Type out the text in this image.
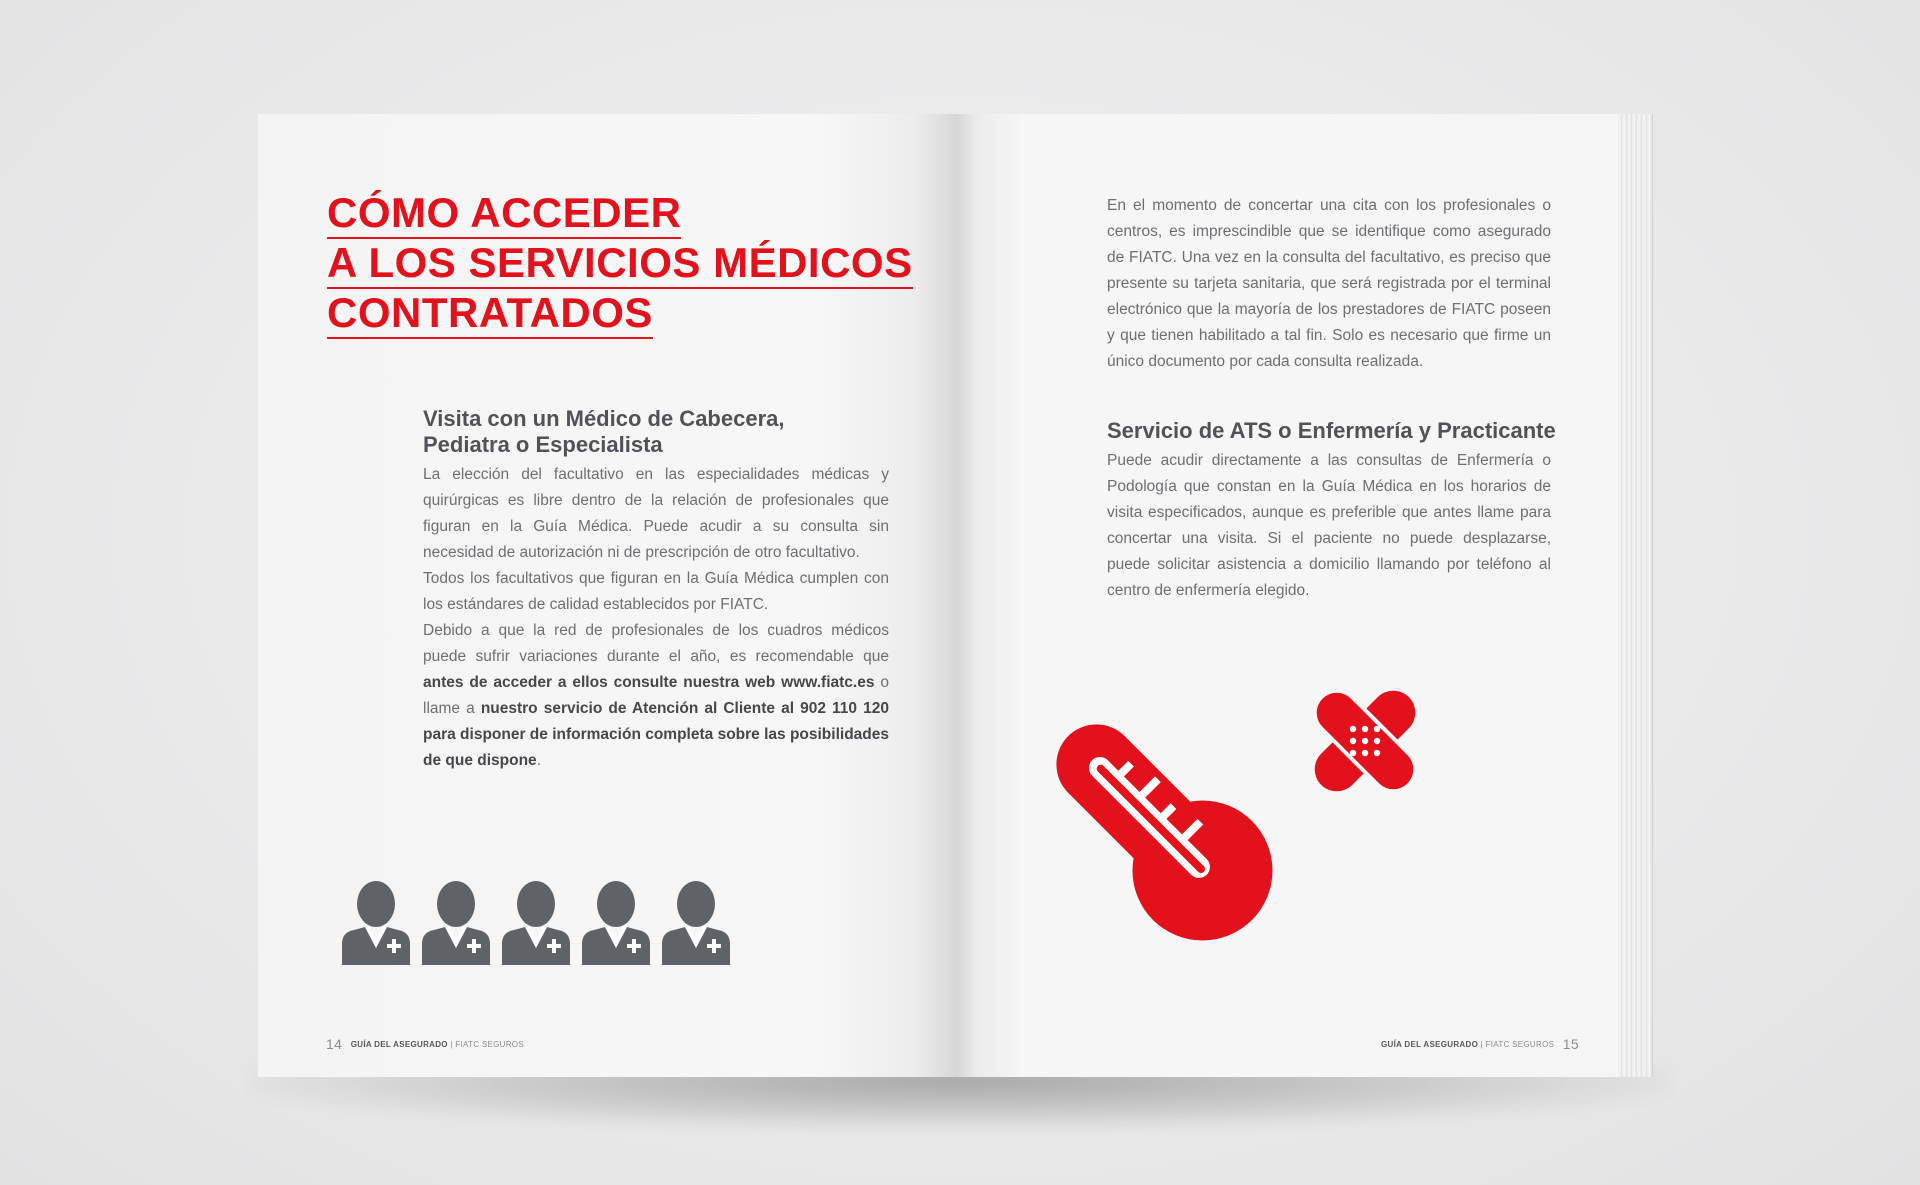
CÓMO ACCEDER
A LOS SERVICIOS MÉDICOS
CONTRATADOS
Visita con un Médico de Cabecera,
Pediatra o Especialista

La elección del facultativo en las especialidades médicas y quirúrgicas es libre dentro de la relación de profesionales que figuran en la Guía Médica. Puede acudir a su consulta sin necesidad de autorización ni de prescripción de otro facultativo.

Todos los facultativos que figuran en la Guía Médica cumplen con los estándares de calidad establecidos por FIATC.

Debido a que la red de profesionales de los cuadros médicos puede sufrir variaciones durante el año, es recomendable que antes de acceder a ellos consulte nuestra web www.fiatc.es o llame a nuestro servicio de Atención al Cliente al 902 110 120 para disponer de información completa sobre las posibilidades de que dispone.

14 GUÍA DEL ASEGURADO | FIATC SEGUROS

En el momento de concertar una cita con los profesionales o centros, es imprescindible que se identifique como asegurado de FIATC. Una vez en la consulta del facultativo, es preciso que presente su tarjeta sanitaria, que será registrada por el terminal electrónico que la mayoría de los prestadores de FIATC poseen y que tienen habilitado a tal fin. Solo es necesario que firme un único documento por cada consulta realizada.

Servicio de ATS o Enfermería y Practicante

Puede acudir directamente a las consultas de Enfermería o Podología que constan en la Guía Médica en los horarios de visita especificados, aunque es preferible que antes llame para concertar una visita. Si el paciente no puede desplazarse, puede solicitar asistencia a domicilio llamando por teléfono al centro de enfermería elegido.

GUÍA DEL ASEGURADO | FIATC SEGUROS 15
